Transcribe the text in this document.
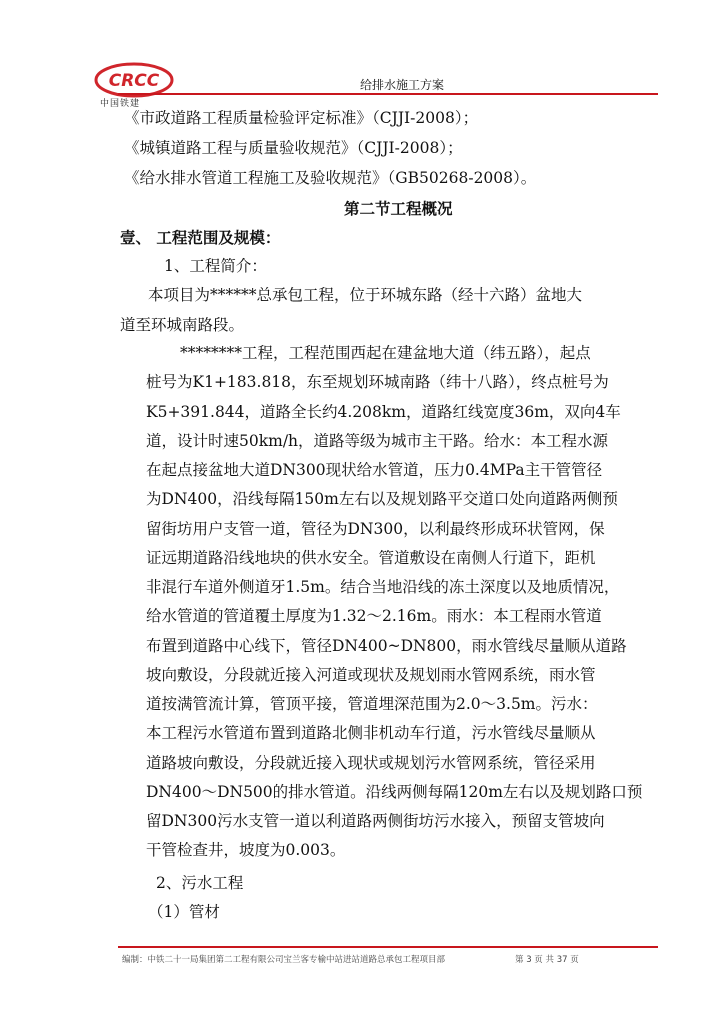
CRCC
中国铁建
给排水施工方案
《市政道路工程质量检验评定标准》（CJJI-2008）；
《城镇道路工程与质量验收规范》（CJJI-2008）；
《给水排水管道工程施工及验收规范》（GB50268-2008）。
第二节工程概况
壹、 工程范围及规模：
1、工程简介：
本项目为******总承包工程，位于环城东路（经十六路）盆地大
道至环城南路段。
********工程，工程范围西起在建盆地大道（纬五路），起点
桩号为K1+183.818，东至规划环城南路（纬十八路），终点桩号为
K5+391.844，道路全长约4.208km，道路红线宽度36m，双向4车
道，设计时速50km/h，道路等级为城市主干路。给水：本工程水源
在起点接盆地大道DN300现状给水管道，压力0.4MPa主干管管径
为DN400，沿线每隔150m左右以及规划路平交道口处向道路两侧预
留街坊用户支管一道，管径为DN300，以利最终形成环状管网，保
证远期道路沿线地块的供水安全。管道敷设在南侧人行道下，距机
非混行车道外侧道牙1.5m。结合当地沿线的冻土深度以及地质情况，
给水管道的管道覆土厚度为1.32～2.16m。雨水：本工程雨水管道
布置到道路中心线下，管径DN400~DN800，雨水管线尽量顺从道路
坡向敷设，分段就近接入河道或现状及规划雨水管网系统，雨水管
道按满管流计算，管顶平接，管道埋深范围为2.0～3.5m。污水：
本工程污水管道布置到道路北侧非机动车行道，污水管线尽量顺从
道路坡向敷设，分段就近接入现状或规划污水管网系统，管径采用
DN400～DN500的排水管道。沿线两侧每隔120m左右以及规划路口预
留DN300污水支管一道以利道路两侧街坊污水接入，预留支管坡向
干管检查井，坡度为0.003。
2、污水工程
（1）管材
编制：中铁二十一局集团第二工程有限公司宝兰客专榆中站进站道路总承包工程项目部	第 3 页 共 37 页
